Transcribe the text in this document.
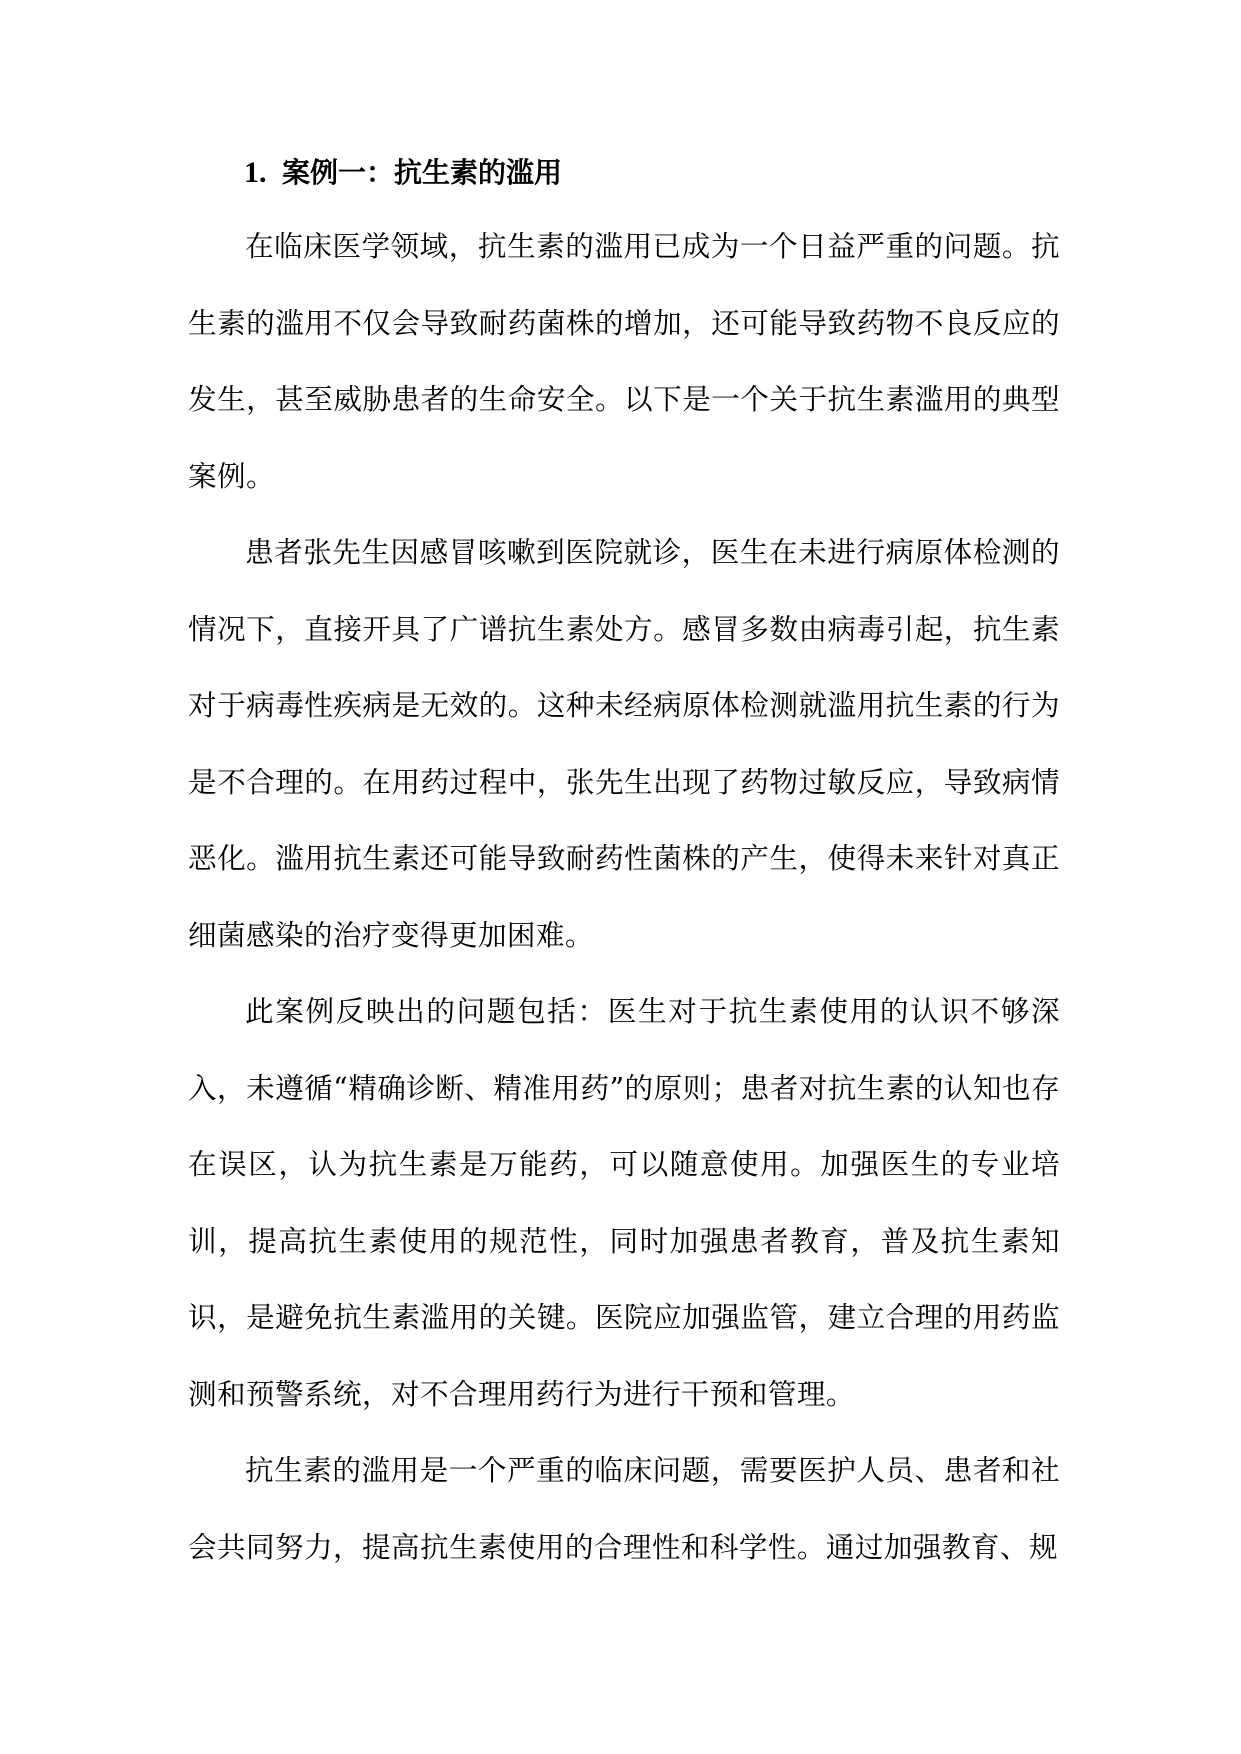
1. 案例一：抗生素的滥用

在临床医学领域，抗生素的滥用已成为一个日益严重的问题。抗生素的滥用不仅会导致耐药菌株的增加，还可能导致药物不良反应的发生，甚至威胁患者的生命安全。以下是一个关于抗生素滥用的典型案例。

患者张先生因感冒咳嗽到医院就诊，医生在未进行病原体检测的情况下，直接开具了广谱抗生素处方。感冒多数由病毒引起，抗生素对于病毒性疾病是无效的。这种未经病原体检测就滥用抗生素的行为是不合理的。在用药过程中，张先生出现了药物过敏反应，导致病情恶化。滥用抗生素还可能导致耐药性菌株的产生，使得未来针对真正细菌感染的治疗变得更加困难。

此案例反映出的问题包括：医生对于抗生素使用的认识不够深入，未遵循“精确诊断、精准用药”的原则；患者对抗生素的认知也存在误区，认为抗生素是万能药，可以随意使用。加强医生的专业培训，提高抗生素使用的规范性，同时加强患者教育，普及抗生素知识，是避免抗生素滥用的关键。医院应加强监管，建立合理的用药监测和预警系统，对不合理用药行为进行干预和管理。

抗生素的滥用是一个严重的临床问题，需要医护人员、患者和社会共同努力，提高抗生素使用的合理性和科学性。通过加强教育、规
